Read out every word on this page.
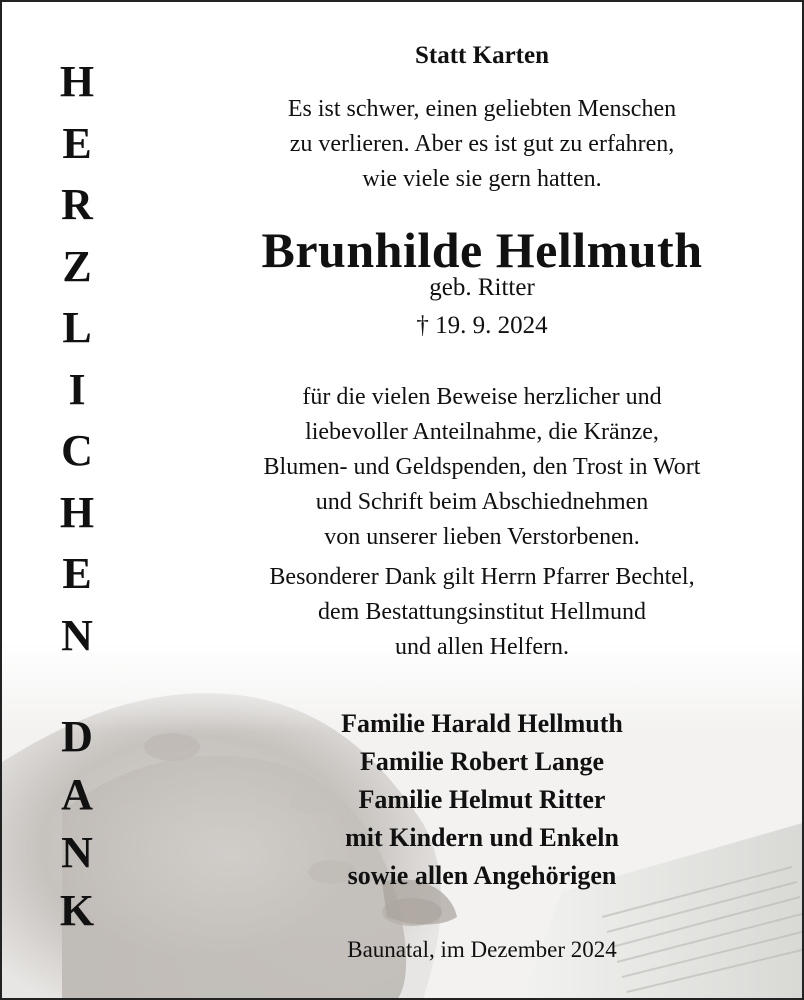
H
E
R
Z
L
I
C
H
E
N
D
A
N
K
Statt Karten
Es ist schwer, einen geliebten Menschen
zu verlieren. Aber es ist gut zu erfahren,
wie viele sie gern hatten.
Brunhilde Hellmuth
geb. Ritter
† 19. 9. 2024
für die vielen Beweise herzlicher und
liebevoller Anteilnahme, die Kränze,
Blumen- und Geldspenden, den Trost in Wort
und Schrift beim Abschiednehmen
von unserer lieben Verstorbenen.
Besonderer Dank gilt Herrn Pfarrer Bechtel,
dem Bestattungsinstitut Hellmund
und allen Helfern.
Familie Harald Hellmuth
Familie Robert Lange
Familie Helmut Ritter
mit Kindern und Enkeln
sowie allen Angehörigen
Baunatal, im Dezember 2024
